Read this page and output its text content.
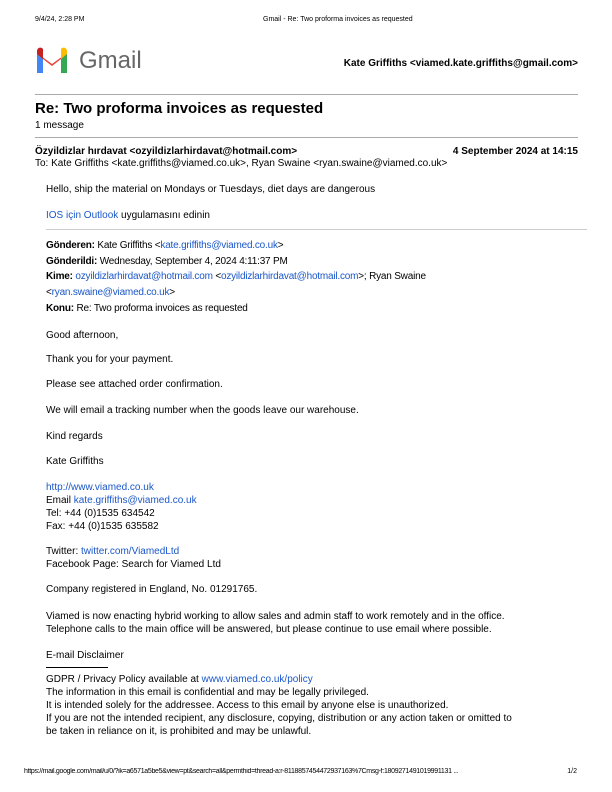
9/4/24, 2:28 PM	Gmail - Re: Two proforma invoices as requested
Gmail	Kate Griffiths <viamed.kate.griffiths@gmail.com>
Re: Two proforma invoices as requested
1 message
Özyildizlar hırdavat <ozyildizlarhirdavat@hotmail.com>	4 September 2024 at 14:15
To: Kate Griffiths <kate.griffiths@viamed.co.uk>, Ryan Swaine <ryan.swaine@viamed.co.uk>
Hello, ship the material on Mondays or Tuesdays, diet days are dangerous
IOS için Outlook uygulamasını edinin
Gönderen: Kate Griffiths <kate.griffiths@viamed.co.uk>
Gönderildi: Wednesday, September 4, 2024 4:11:37 PM
Kime: ozyildizlarhirdavat@hotmail.com <ozyildizlarhirdavat@hotmail.com>; Ryan Swaine
<ryan.swaine@viamed.co.uk>
Konu: Re: Two proforma invoices as requested
Good afternoon,
Thank you for your payment.
Please see attached order confirmation.
We will email a tracking number when the goods leave our warehouse.
Kind regards
Kate Griffiths
http://www.viamed.co.uk
Email kate.griffiths@viamed.co.uk
Tel: +44 (0)1535 634542
Fax: +44 (0)1535 635582
Twitter: twitter.com/ViamedLtd
Facebook Page: Search for Viamed Ltd
Company registered in England, No. 01291765.
Viamed is now enacting hybrid working to allow sales and admin staff to work remotely and in the office.
Telephone calls to the main office will be answered, but please continue to use email where possible.
E-mail Disclaimer
GDPR / Privacy Policy available at www.viamed.co.uk/policy
The information in this email is confidential and may be legally privileged.
It is intended solely for the addressee. Access to this email by anyone else is unauthorized.
If you are not the intended recipient, any disclosure, copying, distribution or any action taken or omitted to
be taken in reliance on it, is prohibited and may be unlawful.
https://mail.google.com/mail/u/0/?ik=a6571a5be5&view=pt&search=all&permthid=thread-a:r-8118857454472937163%7Cmsg-f:1809271491019991131 ...	1/2
